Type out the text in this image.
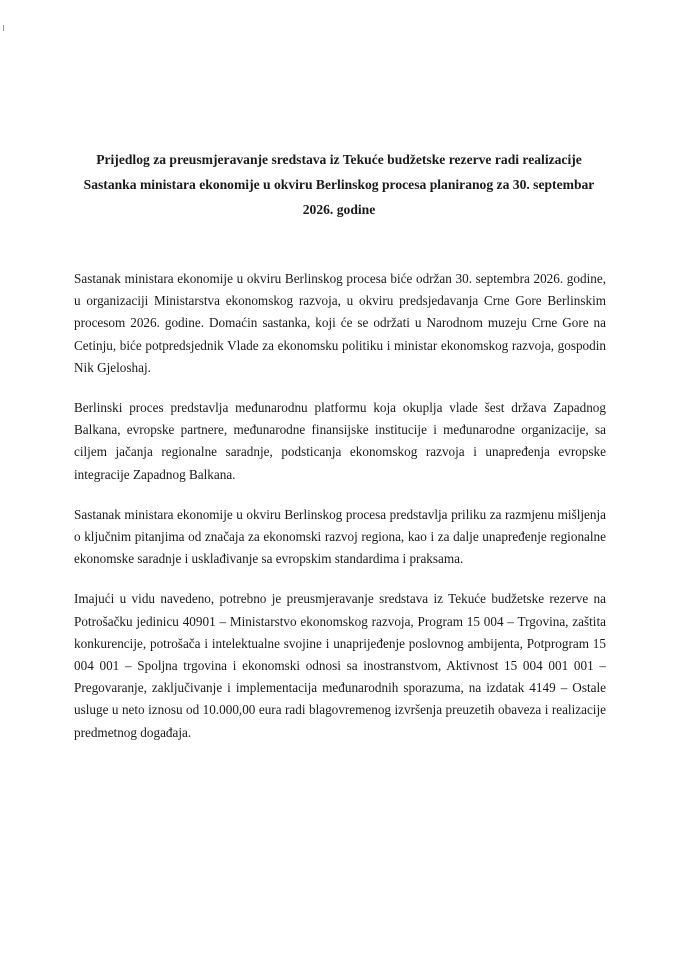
Prijedlog za preusmjeravanje sredstava iz Tekuće budžetske rezerve radi realizacije Sastanka ministara ekonomije u okviru Berlinskog procesa planiranog za 30. septembar 2026. godine

Sastanak ministara ekonomije u okviru Berlinskog procesa biće održan 30. septembra 2026. godine, u organizaciji Ministarstva ekonomskog razvoja, u okviru predsjedavanja Crne Gore Berlinskim procesom 2026. godine. Domaćin sastanka, koji će se održati u Narodnom muzeju Crne Gore na Cetinju, biće potpredsjednik Vlade za ekonomsku politiku i ministar ekonomskog razvoja, gospodin Nik Gjeloshaj.

Berlinski proces predstavlja međunarodnu platformu koja okuplja vlade šest država Zapadnog Balkana, evropske partnere, međunarodne finansijske institucije i međunarodne organizacije, sa ciljem jačanja regionalne saradnje, podsticanja ekonomskog razvoja i unapređenja evropske integracije Zapadnog Balkana.

Sastanak ministara ekonomije u okviru Berlinskog procesa predstavlja priliku za razmjenu mišljenja o ključnim pitanjima od značaja za ekonomski razvoj regiona, kao i za dalje unapređenje regionalne ekonomske saradnje i usklađivanje sa evropskim standardima i praksama.

Imajući u vidu navedeno, potrebno je preusmjeravanje sredstava iz Tekuće budžetske rezerve na Potrošačku jedinicu 40901 – Ministarstvo ekonomskog razvoja, Program 15 004 – Trgovina, zaštita konkurencije, potrošača i intelektualne svojine i unaprijeđenje poslovnog ambijenta, Potprogram 15 004 001 – Spoljna trgovina i ekonomski odnosi sa inostranstvom, Aktivnost 15 004 001 001 – Pregovaranje, zaključivanje i implementacija međunarodnih sporazuma, na izdatak 4149 – Ostale usluge u neto iznosu od 10.000,00 eura radi blagovremenog izvršenja preuzetih obaveza i realizacije predmetnog događaja.
